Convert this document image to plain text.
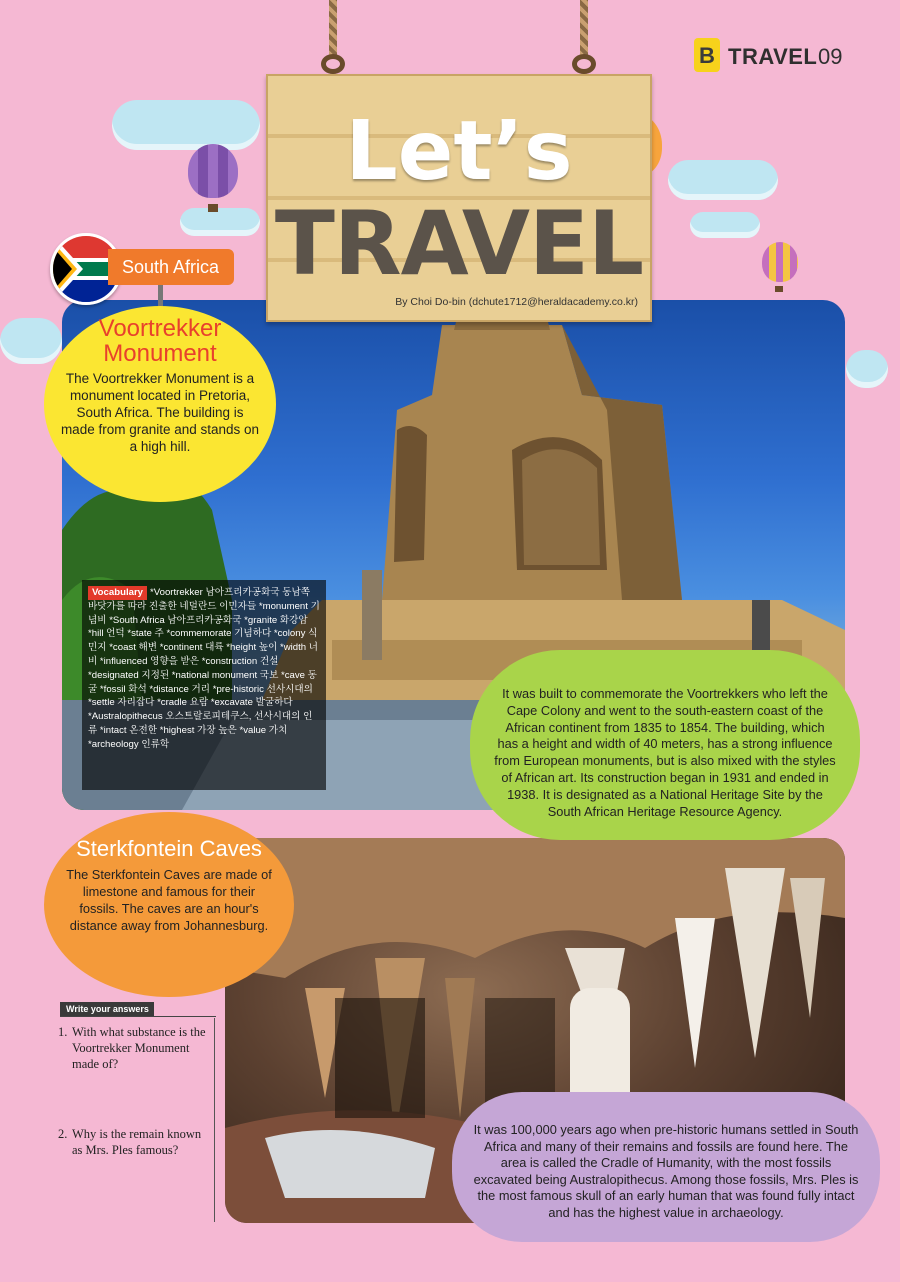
B TRAVEL 09
South Africa
Let’s
TRAVEL
By Choi Do-bin (dchute1712@heraldacademy.co.kr)
Voortrekker
Monument
The Voortrekker Monument is a monument located in Pretoria, South Africa. The building is made from granite and stands on a high hill.
Vocabulary *Voortrekker 남아프리카공화국 동남쪽 바닷가를 따라 진출한 네덜란드 이민자들 *monument 기념비 *South Africa 남아프리카공화국 *granite 화강암 *hill 언덕 *state 주 *commemorate 기념하다 *colony 식민지 *coast 해변 *continent 대륙 *height 높이 *width 너비 *influenced 영향을 받은 *construction 건설 *designated 지정된 *national monument 국보 *cave 동굴 *fossil 화석 *distance 거리 *pre-historic 선사시대의 *settle 자리잡다 *cradle 요람 *excavate 발굴하다 *Australopithecus 오스트랄로피테쿠스, 선사시대의 인류 *intact 온전한 *highest 가장 높은 *value 가치 *archeology 인류학
It was built to commemorate the Voortrekkers who left the Cape Colony and went to the south-eastern coast of the African continent from 1835 to 1854. The building, which has a height and width of 40 meters, has a strong influence from European monuments, but is also mixed with the styles of African art. Its construction began in 1931 and ended in 1938. It is designated as a National Heritage Site by the South African Heritage Resource Agency.
Sterkfontein Caves
The Sterkfontein Caves are made of limestone and famous for their fossils. The caves are an hour's distance away from Johannesburg.
Write your answers
1. With what substance is the Voortrekker Monument made of?
2. Why is the remain known as Mrs. Ples famous?
It was 100,000 years ago when pre-historic humans settled in South Africa and many of their remains and fossils are found here. The area is called the Cradle of Humanity, with the most fossils excavated being Australopithecus. Among those fossils, Mrs. Ples is the most famous skull of an early human that was found fully intact and has the highest value in archaeology.
